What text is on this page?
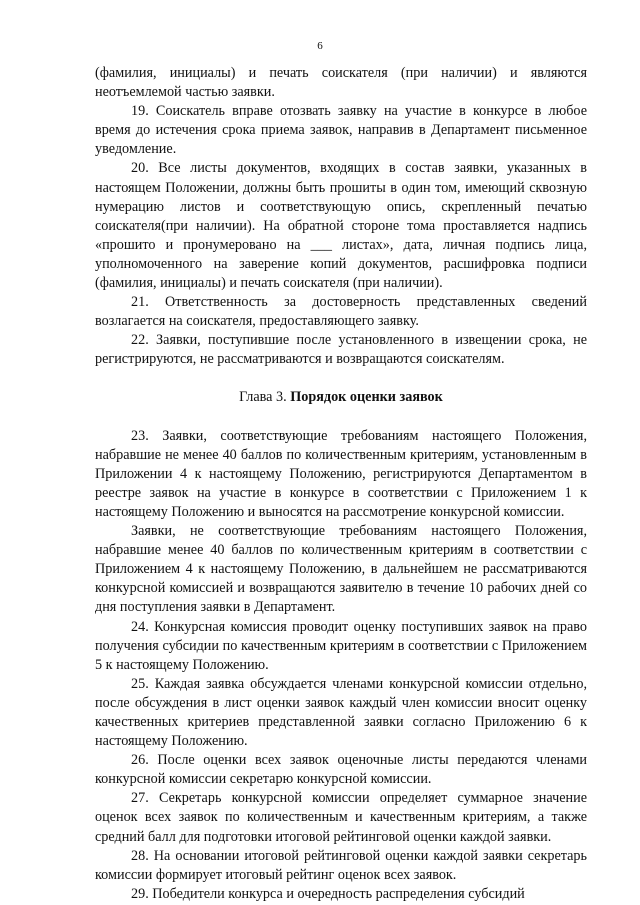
6

(фамилия, инициалы) и печать соискателя (при наличии) и являются неотъемлемой частью заявки.

19. Соискатель вправе отозвать заявку на участие в конкурсе в любое время до истечения срока приема заявок, направив в Департамент письменное уведомление.

20. Все листы документов, входящих в состав заявки, указанных в настоящем Положении, должны быть прошиты в один том, имеющий сквозную нумерацию листов и соответствующую опись, скрепленный печатью соискателя(при наличии). На обратной стороне тома проставляется надпись «прошито и пронумеровано на ___ листах», дата, личная подпись лица, уполномоченного на заверение копий документов, расшифровка подписи (фамилия, инициалы) и печать соискателя (при наличии).

21. Ответственность за достоверность представленных сведений возлагается на соискателя, предоставляющего заявку.

22. Заявки, поступившие после установленного в извещении срока, не регистрируются, не рассматриваются и возвращаются соискателям.

Глава 3. Порядок оценки заявок

23. Заявки, соответствующие требованиям настоящего Положения, набравшие не менее 40 баллов по количественным критериям, установленным в Приложении 4 к настоящему Положению, регистрируются Департаментом в реестре заявок на участие в конкурсе в соответствии с Приложением 1 к настоящему Положению и выносятся на рассмотрение конкурсной комиссии.

Заявки, не соответствующие требованиям настоящего Положения, набравшие менее 40 баллов по количественным критериям в соответствии с Приложением 4 к настоящему Положению, в дальнейшем не рассматриваются конкурсной комиссией и возвращаются заявителю в течение 10 рабочих дней со дня поступления заявки в Департамент.

24. Конкурсная комиссия проводит оценку поступивших заявок на право получения субсидии по качественным критериям в соответствии с Приложением 5 к настоящему Положению.

25. Каждая заявка обсуждается членами конкурсной комиссии отдельно, после обсуждения в лист оценки заявок каждый член комиссии вносит оценку качественных критериев представленной заявки согласно Приложению 6 к настоящему Положению.

26. После оценки всех заявок оценочные листы передаются членами конкурсной комиссии секретарю конкурсной комиссии.

27. Секретарь конкурсной комиссии определяет суммарное значение оценок всех заявок по количественным и качественным критериям, а также средний балл для подготовки итоговой рейтинговой оценки каждой заявки.

28. На основании итоговой рейтинговой оценки каждой заявки секретарь комиссии формирует итоговый рейтинг оценок всех заявок.

29. Победители конкурса и очередность распределения субсидий
